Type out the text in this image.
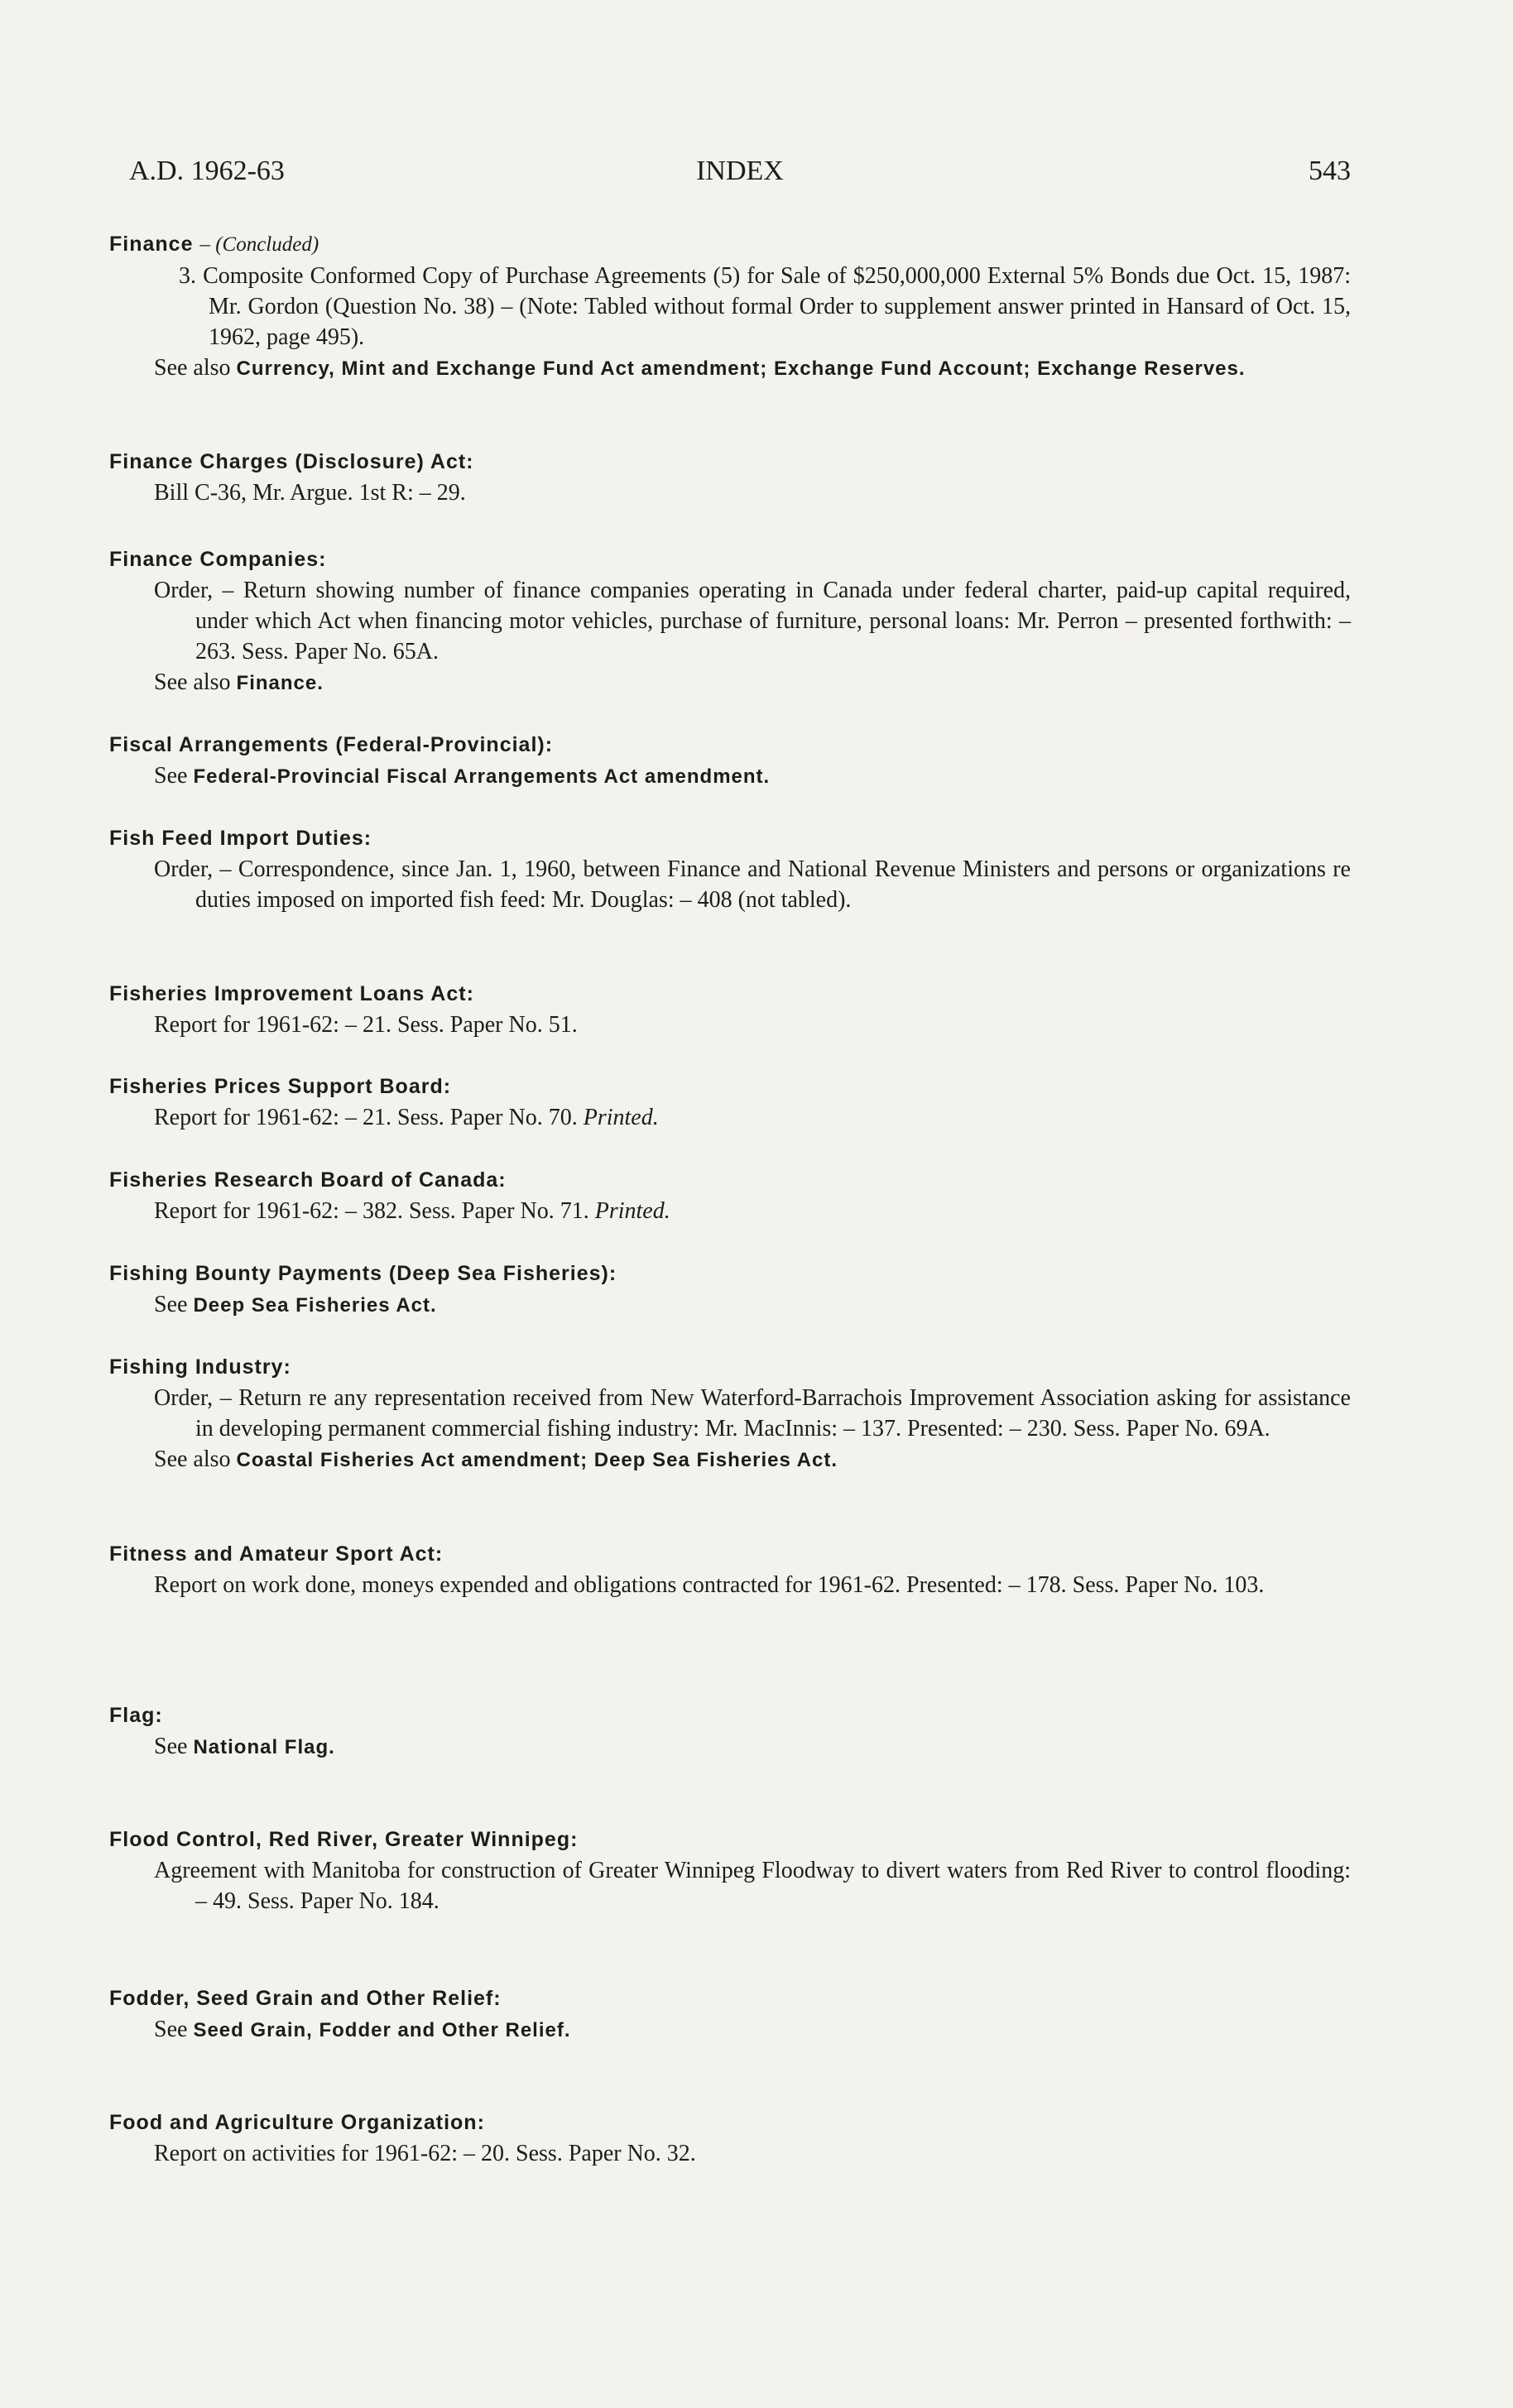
A.D. 1962-63	INDEX	543
Finance – (Concluded)
3. Composite Conformed Copy of Purchase Agreements (5) for Sale of $250,000,000 External 5% Bonds due Oct. 15, 1987: Mr. Gordon (Question No. 38) – (Note: Tabled without formal Order to supplement answer printed in Hansard of Oct. 15, 1962, page 495).
See also Currency, Mint and Exchange Fund Act amendment; Exchange Fund Account; Exchange Reserves.
Finance Charges (Disclosure) Act:
Bill C-36, Mr. Argue. 1st R: – 29.
Finance Companies:
Order, – Return showing number of finance companies operating in Canada under federal charter, paid-up capital required, under which Act when financing motor vehicles, purchase of furniture, personal loans: Mr. Perron – presented forthwith: – 263. Sess. Paper No. 65A.
See also Finance.
Fiscal Arrangements (Federal-Provincial):
See Federal-Provincial Fiscal Arrangements Act amendment.
Fish Feed Import Duties:
Order, – Correspondence, since Jan. 1, 1960, between Finance and National Revenue Ministers and persons or organizations re duties imposed on imported fish feed: Mr. Douglas: – 408 (not tabled).
Fisheries Improvement Loans Act:
Report for 1961-62: – 21. Sess. Paper No. 51.
Fisheries Prices Support Board:
Report for 1961-62: – 21. Sess. Paper No. 70. Printed.
Fisheries Research Board of Canada:
Report for 1961-62: – 382. Sess. Paper No. 71. Printed.
Fishing Bounty Payments (Deep Sea Fisheries):
See Deep Sea Fisheries Act.
Fishing Industry:
Order, – Return re any representation received from New Waterford-Barrachois Improvement Association asking for assistance in developing permanent commercial fishing industry: Mr. MacInnis: – 137. Presented: – 230. Sess. Paper No. 69A.
See also Coastal Fisheries Act amendment; Deep Sea Fisheries Act.
Fitness and Amateur Sport Act:
Report on work done, moneys expended and obligations contracted for 1961-62. Presented: – 178. Sess. Paper No. 103.
Flag:
See National Flag.
Flood Control, Red River, Greater Winnipeg:
Agreement with Manitoba for construction of Greater Winnipeg Floodway to divert waters from Red River to control flooding: – 49. Sess. Paper No. 184.
Fodder, Seed Grain and Other Relief:
See Seed Grain, Fodder and Other Relief.
Food and Agriculture Organization:
Report on activities for 1961-62: – 20. Sess. Paper No. 32.
